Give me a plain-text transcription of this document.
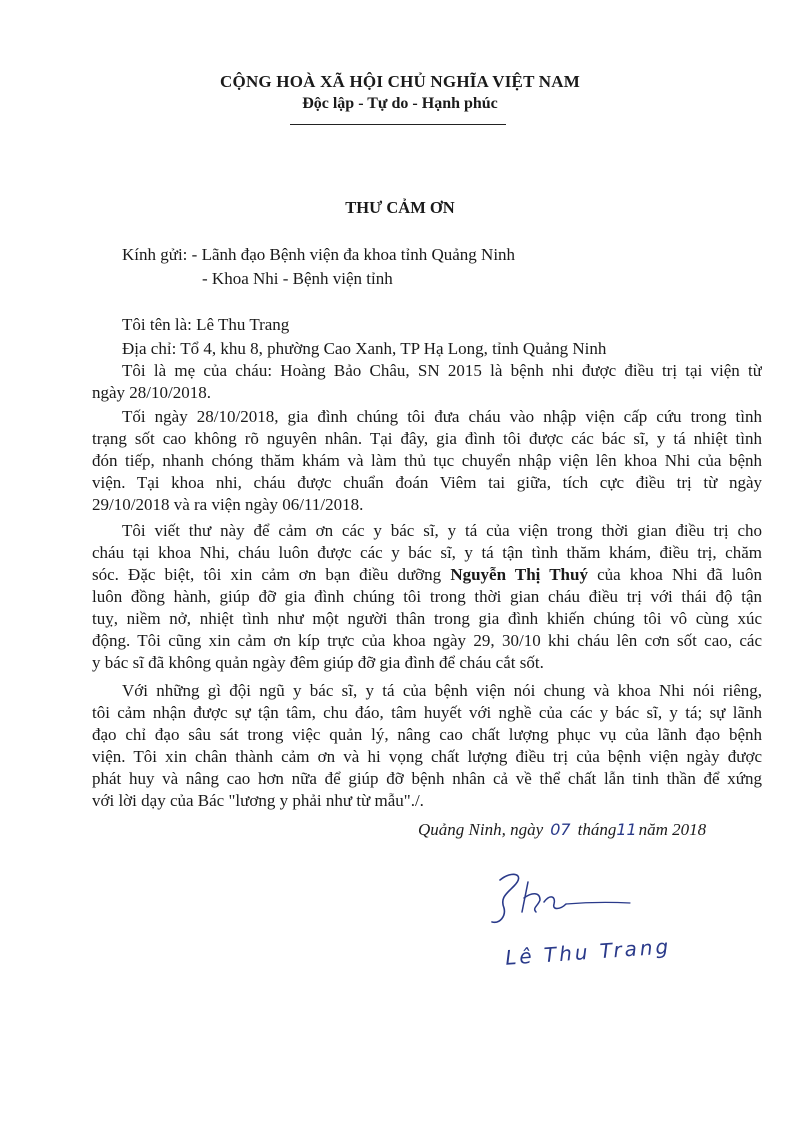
CỘNG HOÀ XÃ HỘI CHỦ NGHĨA VIỆT NAM
Độc lập - Tự do - Hạnh phúc
THƯ CẢM ƠN
Kính gửi: - Lãnh đạo Bệnh viện đa khoa tỉnh Quảng Ninh
- Khoa Nhi - Bệnh viện tỉnh
Tôi tên là: Lê Thu Trang
Địa chỉ: Tổ 4, khu 8, phường Cao Xanh, TP Hạ Long, tỉnh Quảng Ninh
Tôi là mẹ của cháu: Hoàng Bảo Châu, SN 2015 là bệnh nhi được điều trị tại viện từ
ngày 28/10/2018.
Tối ngày 28/10/2018, gia đình chúng tôi đưa cháu vào nhập viện cấp cứu trong tình
trạng sốt cao không rõ nguyên nhân. Tại đây, gia đình tôi được các bác sĩ, y tá nhiệt tình
đón tiếp, nhanh chóng thăm khám và làm thủ tục chuyển nhập viện lên khoa Nhi của bệnh
viện. Tại khoa nhi, cháu được chuẩn đoán Viêm tai giữa, tích cực điều trị từ ngày
29/10/2018 và ra viện ngày 06/11/2018.
Tôi viết thư này để cảm ơn các y bác sĩ, y tá của viện trong thời gian điều trị cho
cháu tại khoa Nhi, cháu luôn được các y bác sĩ, y tá tận tình thăm khám, điều trị, chăm
sóc. Đặc biệt, tôi xin cảm ơn bạn điều dưỡng Nguyễn Thị Thuý của khoa Nhi đã luôn
luôn đồng hành, giúp đỡ gia đình chúng tôi trong thời gian cháu điều trị với thái độ tận
tuỵ, niềm nở, nhiệt tình như một người thân trong gia đình khiến chúng tôi vô cùng xúc
động. Tôi cũng xin cảm ơn kíp trực của khoa ngày 29, 30/10 khi cháu lên cơn sốt cao, các
y bác sĩ đã không quản ngày đêm giúp đỡ gia đình để cháu cắt sốt.
Với những gì đội ngũ y bác sĩ, y tá của bệnh viện nói chung và khoa Nhi nói riêng,
tôi cảm nhận được sự tận tâm, chu đáo, tâm huyết với nghề của các y bác sĩ, y tá; sự lãnh
đạo chỉ đạo sâu sát trong việc quản lý, nâng cao chất lượng phục vụ của lãnh đạo bệnh
viện. Tôi xin chân thành cảm ơn và hi vọng chất lượng điều trị của bệnh viện ngày được
phát huy và nâng cao hơn nữa để giúp đỡ bệnh nhân cả về thể chất lẫn tinh thần để xứng
với lời dạy của Bác "lương y phải như từ mẫu"./.
Quảng Ninh, ngày 07 tháng11 năm 2018
Lê Thu Trang
